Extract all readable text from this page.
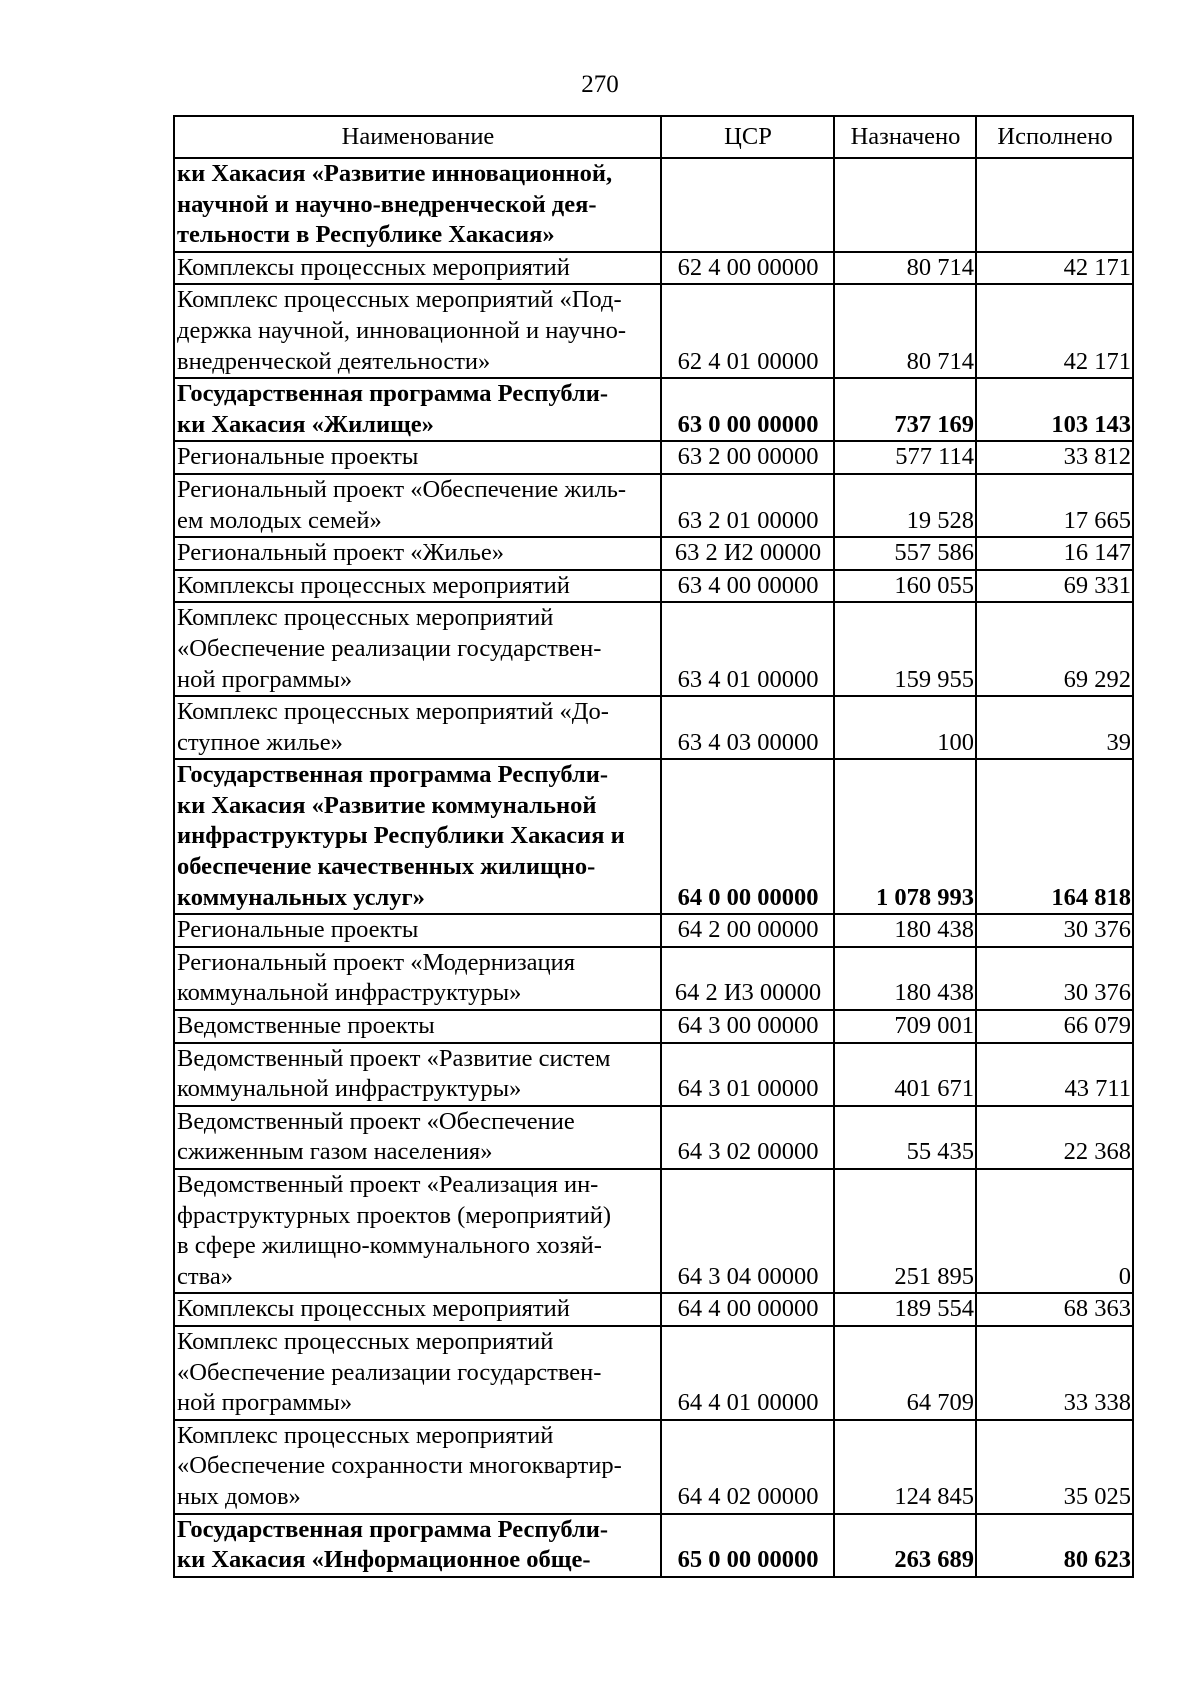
270
Наименование	ЦСР	Назначено	Исполнено
ки Хакасия «Развитие инновационной,
научной и научно-внедренческой дея-
тельности в Республике Хакасия»			
Комплексы процессных мероприятий	62 4 00 00000	80 714	42 171
Комплекс процессных мероприятий «Под-
держка научной, инновационной и научно-
внедренческой деятельности»	62 4 01 00000	80 714	42 171
Государственная программа Республи-
ки Хакасия «Жилище»	63 0 00 00000	737 169	103 143
Региональные проекты	63 2 00 00000	577 114	33 812
Региональный проект «Обеспечение жиль-
ем молодых семей»	63 2 01 00000	19 528	17 665
Региональный проект «Жилье»	63 2 И2 00000	557 586	16 147
Комплексы процессных мероприятий	63 4 00 00000	160 055	69 331
Комплекс процессных мероприятий
«Обеспечение реализации государствен-
ной программы»	63 4 01 00000	159 955	69 292
Комплекс процессных мероприятий «До-
ступное жилье»	63 4 03 00000	100	39
Государственная программа Республи-
ки Хакасия «Развитие коммунальной
инфраструктуры Республики Хакасия и
обеспечение качественных жилищно-
коммунальных услуг»	64 0 00 00000	1 078 993	164 818
Региональные проекты	64 2 00 00000	180 438	30 376
Региональный проект «Модернизация
коммунальной инфраструктуры»	64 2 И3 00000	180 438	30 376
Ведомственные проекты	64 3 00 00000	709 001	66 079
Ведомственный проект «Развитие систем
коммунальной инфраструктуры»	64 3 01 00000	401 671	43 711
Ведомственный проект «Обеспечение
сжиженным газом населения»	64 3 02 00000	55 435	22 368
Ведомственный проект «Реализация ин-
фраструктурных проектов (мероприятий)
в сфере жилищно-коммунального хозяй-
ства»	64 3 04 00000	251 895	0
Комплексы процессных мероприятий	64 4 00 00000	189 554	68 363
Комплекс процессных мероприятий
«Обеспечение реализации государствен-
ной программы»	64 4 01 00000	64 709	33 338
Комплекс процессных мероприятий
«Обеспечение сохранности многоквартир-
ных домов»	64 4 02 00000	124 845	35 025
Государственная программа Республи-
ки Хакасия «Информационное обще-	65 0 00 00000	263 689	80 623
